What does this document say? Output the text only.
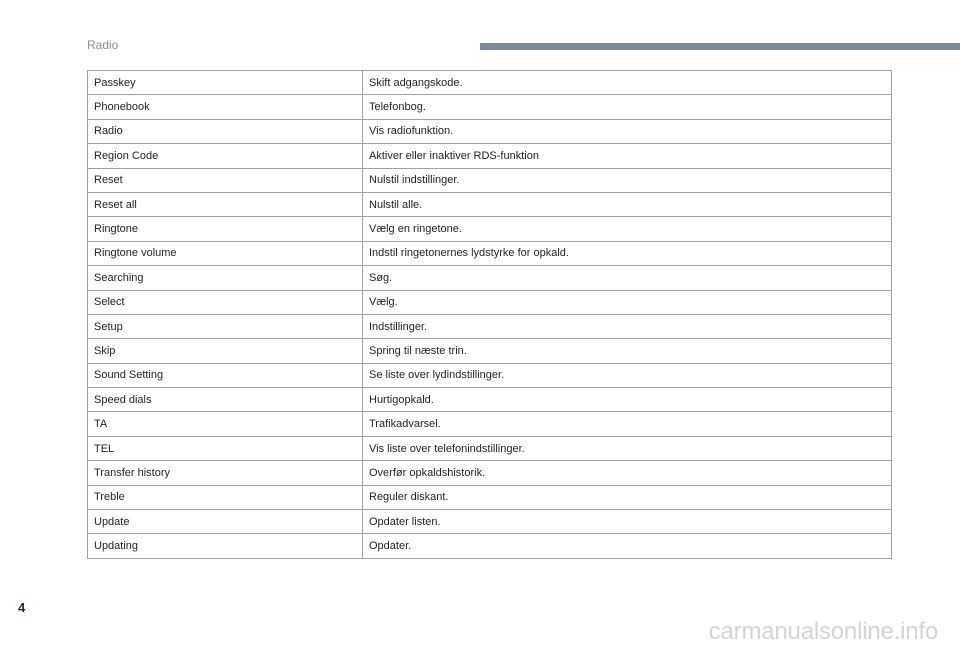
Radio
Passkey	Skift adgangskode.
Phonebook	Telefonbog.
Radio	Vis radiofunktion.
Region Code	Aktiver eller inaktiver RDS-funktion
Reset	Nulstil indstillinger.
Reset all	Nulstil alle.
Ringtone	Vælg en ringetone.
Ringtone volume	Indstil ringetonernes lydstyrke for opkald.
Searching	Søg.
Select	Vælg.
Setup	Indstillinger.
Skip	Spring til næste trin.
Sound Setting	Se liste over lydindstillinger.
Speed dials	Hurtigopkald.
TA	Trafikadvarsel.
TEL	Vis liste over telefonindstillinger.
Transfer history	Overfør opkaldshistorik.
Treble	Reguler diskant.
Update	Opdater listen.
Updating	Opdater.
4
carmanualsonline.info
